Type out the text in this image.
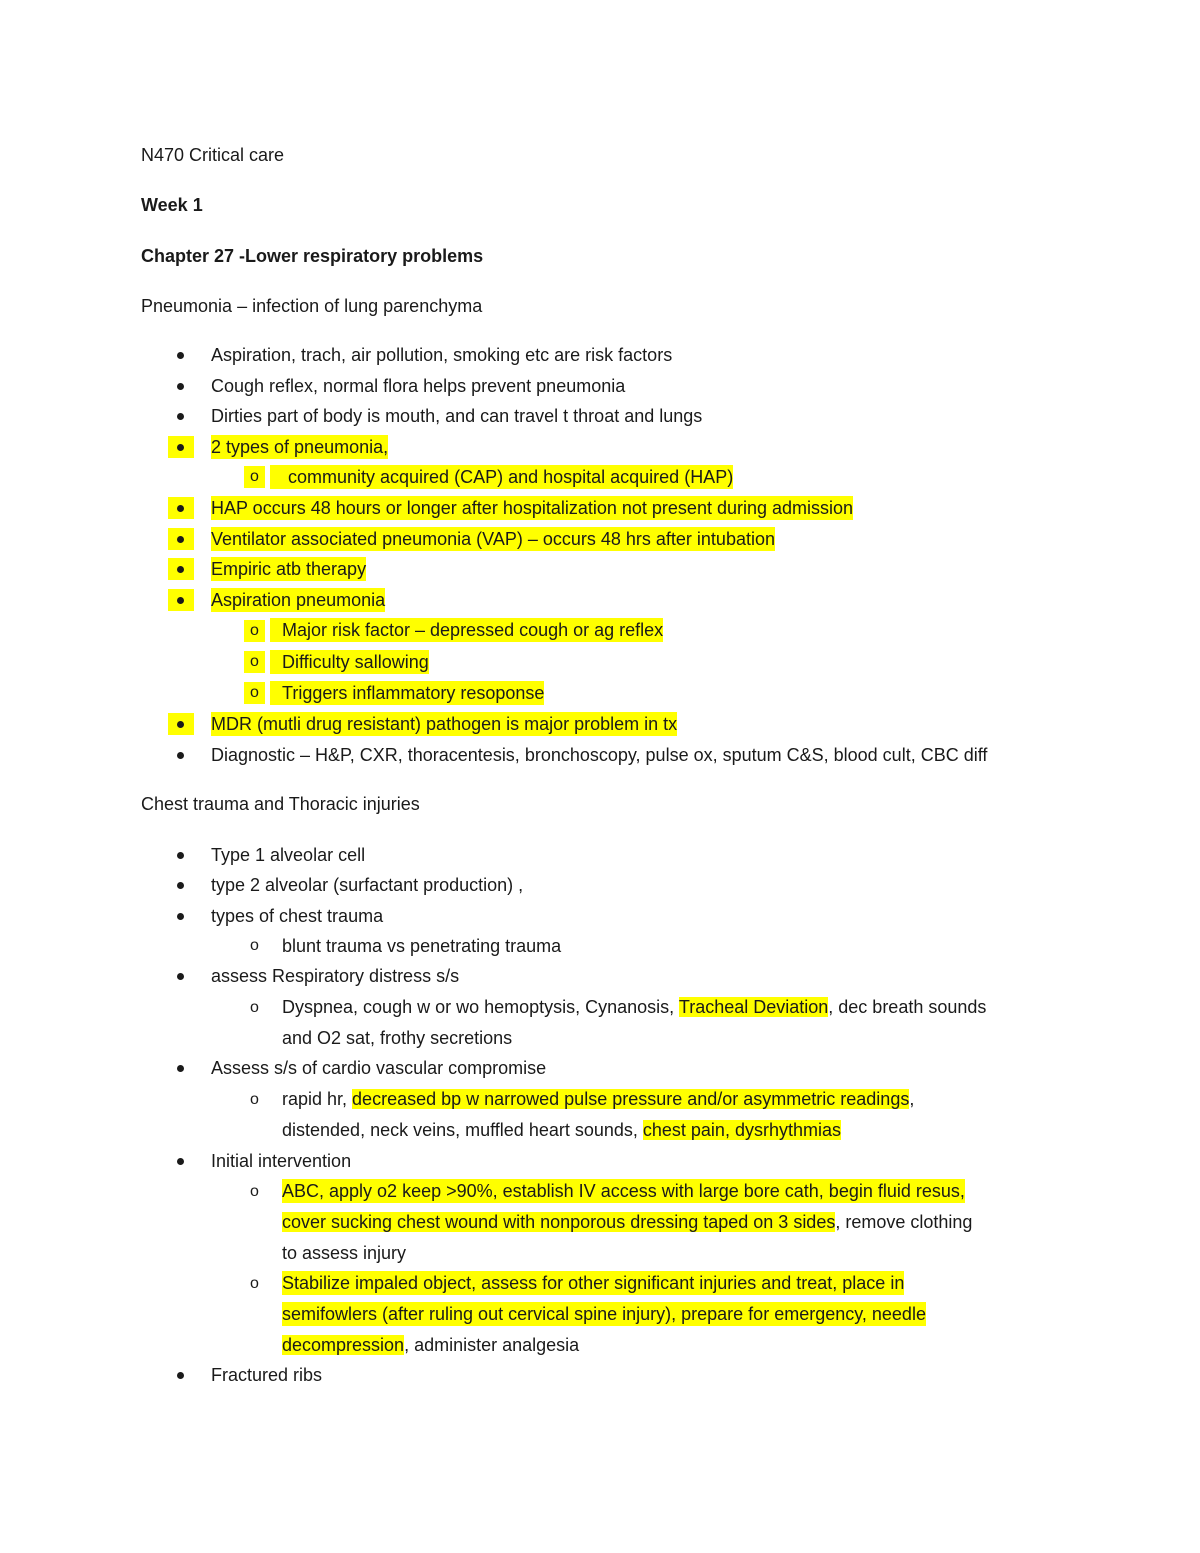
N470 Critical care
Week 1
Chapter 27 -Lower respiratory problems
Pneumonia – infection of lung parenchyma
Aspiration, trach, air pollution, smoking etc are risk factors
Cough reflex, normal flora helps prevent pneumonia
Dirties part of body is mouth, and can travel t throat and lungs
2 types of pneumonia,
o	community acquired (CAP) and hospital acquired (HAP)
HAP occurs 48 hours or longer after hospitalization not present during admission
Ventilator associated pneumonia (VAP) – occurs 48 hrs after intubation
Empiric atb therapy
Aspiration pneumonia
o	Major risk factor – depressed cough or ag reflex
o	Difficulty sallowing
o	Triggers inflammatory resoponse
MDR (mutli drug resistant) pathogen is major problem in tx
Diagnostic – H&P, CXR, thoracentesis, bronchoscopy, pulse ox, sputum C&S, blood cult, CBC diff
Chest trauma and Thoracic injuries
Type 1 alveolar cell
type 2 alveolar (surfactant production) ,
types of chest trauma
o blunt trauma vs penetrating trauma
assess Respiratory distress s/s
o Dyspnea, cough w or wo hemoptysis, Cynanosis, Tracheal Deviation, dec breath sounds
and O2 sat, frothy secretions
Assess s/s of cardio vascular compromise
o rapid hr, decreased bp w narrowed pulse pressure and/or asymmetric readings,
distended, neck veins, muffled heart sounds, chest pain, dysrhythmias
Initial intervention
o ABC, apply o2 keep >90%, establish IV access with large bore cath, begin fluid resus,
cover sucking chest wound with nonporous dressing taped on 3 sides, remove clothing
to assess injury
o Stabilize impaled object, assess for other significant injuries and treat, place in
semifowlers (after ruling out cervical spine injury), prepare for emergency, needle
decompression, administer analgesia
Fractured ribs
